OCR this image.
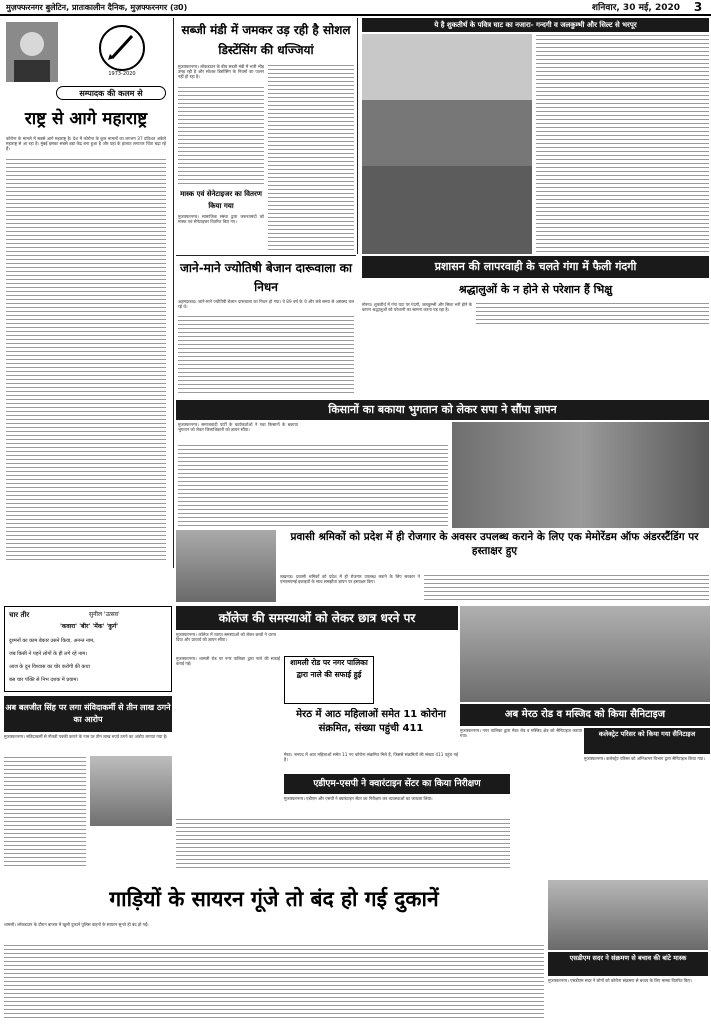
मुज़फ्फरनगर बुलेटिन, प्रातःकालीन दैनिक, मुज़फ्फरनगर (उ0)	शनिवार, 30 मई, 2020	3
1973-2020
सम्पादक की कलम से
राष्ट्र से आगे महाराष्ट्र
कोरोना के मामले में सबसे आगे महाराष्ट्र है। देश में कोरोना के कुल मामलों का लगभग 37 प्रतिशत अकेले महाराष्ट्र से आ रहा है। मुंबई इसका सबसे बड़ा केंद्र बना हुआ है और यहां के हालात लगातार चिंता बढ़ा रहे हैं।
सब्जी मंडी में जमकर उड़ रही है सोशल डिस्टेंसिंग की धज्जियां
मुजफ्फरनगर। लॉकडाउन के बीच सब्जी मंडी में भारी भीड़ उमड़ रही है और सोशल डिस्टेंसिंग के नियमों का पालन नहीं हो रहा है।
मास्क एवं सेनेटाइजर का वितरण किया गया
मुजफ्फरनगर। सामाजिक संस्था द्वारा जरूरतमंदों को मास्क एवं सेनेटाइजर वितरित किए गए।
ये है शुकतीर्थ के पवित्र घाट का नजारा- गन्दगी व जलकुम्भी और सिल्ट से भरपूर
प्रशासन की लापरवाही के चलते गंगा में फैली गंदगी
श्रद्धालुओं के न होने से परेशान हैं भिक्षु
मोरना। शुकतीर्थ में गंगा घाट पर गंदगी, जलकुम्भी और सिल्ट भरी होने के कारण श्रद्धालुओं को परेशानी का सामना करना पड़ रहा है।
जाने-माने ज्योतिषी बेजान दारूवाला का निधन
अहमदाबाद। जाने-माने ज्योतिषी बेजान दारूवाला का निधन हो गया। वे 89 वर्ष के थे और लंबे समय से अस्वस्थ चल रहे थे।
किसानों का बकाया भुगतान को लेकर सपा ने सौंपा ज्ञापन
मुजफ्फरनगर। समाजवादी पार्टी के कार्यकर्ताओं ने गन्ना किसानों के बकाया भुगतान को लेकर जिलाधिकारी को ज्ञापन सौंपा।
प्रवासी श्रमिकों को प्रदेश में ही रोजगार के अवसर उपलब्ध कराने के लिए एक मेमोरेंडम ऑफ अंडरस्टैंडिंग पर हस्ताक्षर हुए
लखनऊ। प्रवासी श्रमिकों को प्रदेश में ही रोजगार उपलब्ध कराने के लिए सरकार ने एमएसएमई इकाइयों के साथ समझौता ज्ञापन पर हस्ताक्षर किए।
कॉलेज की समस्याओं को लेकर छात्र धरने पर
मुजफ्फरनगर। कॉलेज में व्याप्त समस्याओं को लेकर छात्रों ने धरना दिया और प्राचार्य को ज्ञापन सौंपा।
अब मेरठ रोड व मस्जिद को किया सैनिटाइज
मुजफ्फरनगर। नगर पालिका द्वारा मेरठ रोड व मस्जिद क्षेत्र को सैनिटाइज कराया गया।	कलेक्ट्रेट परिसर को किया गया सैनिटाइज
मुजफ्फरनगर। कलेक्ट्रेट परिसर को अग्निशमन विभाग द्वारा सैनिटाइज किया गया।
चार तीर	सुनील 'उत्सव'
'कवारा' 'बीर' 'मेंक' 'कुर्ग'
दुश्मनों का काम बेकार उसने किया, अनन्त नाम,
जब किसी ने पहने लोगों के ही लगे रहे नाम।
आज के दुन विश्वास का चोर करोगी की कथा
बस चार पंक्ति से निभ दशक में प्रयाम।
शामली रोड पर नगर पालिका द्वारा नाले की सफाई हुई
मुजफ्फरनगर। शामली रोड पर नगर पालिका द्वारा नाले की सफाई कराई गई।
मेरठ में आठ महिलाओं समेत 11 कोरोना संक्रमित, संख्या पहुंची 411
मेरठ। जनपद में आठ महिलाओं समेत 11 नए कोरोना संक्रमित मिले हैं, जिससे संक्रमितों की संख्या 411 पहुंच गई है।
अब बलजीत सिंह पर लगा संविदाकर्मी से तीन लाख ठगने का आरोप
मुजफ्फरनगर। संविदाकर्मी से नौकरी पक्की कराने के नाम पर तीन लाख रुपये ठगने का आरोप लगाया गया है।
एडीएम-एसपी ने क्वारंटाइन सेंटर का किया निरीक्षण
मुजफ्फरनगर। एडीएम और एसपी ने क्वारंटाइन सेंटर का निरीक्षण कर व्यवस्थाओं का जायजा लिया।
गाड़ियों के सायरन गूंजे तो बंद हो गई दुकानें
शामली। लॉकडाउन के दौरान बाजार में खुली दुकानें पुलिस वाहनों के सायरन सुनते ही बंद हो गईं।
एसडीएम सदर ने संक्रमण से बचाव की बांटे मास्क
मुजफ्फरनगर। एसडीएम सदर ने लोगों को कोरोना संक्रमण से बचाव के लिए मास्क वितरित किए।
